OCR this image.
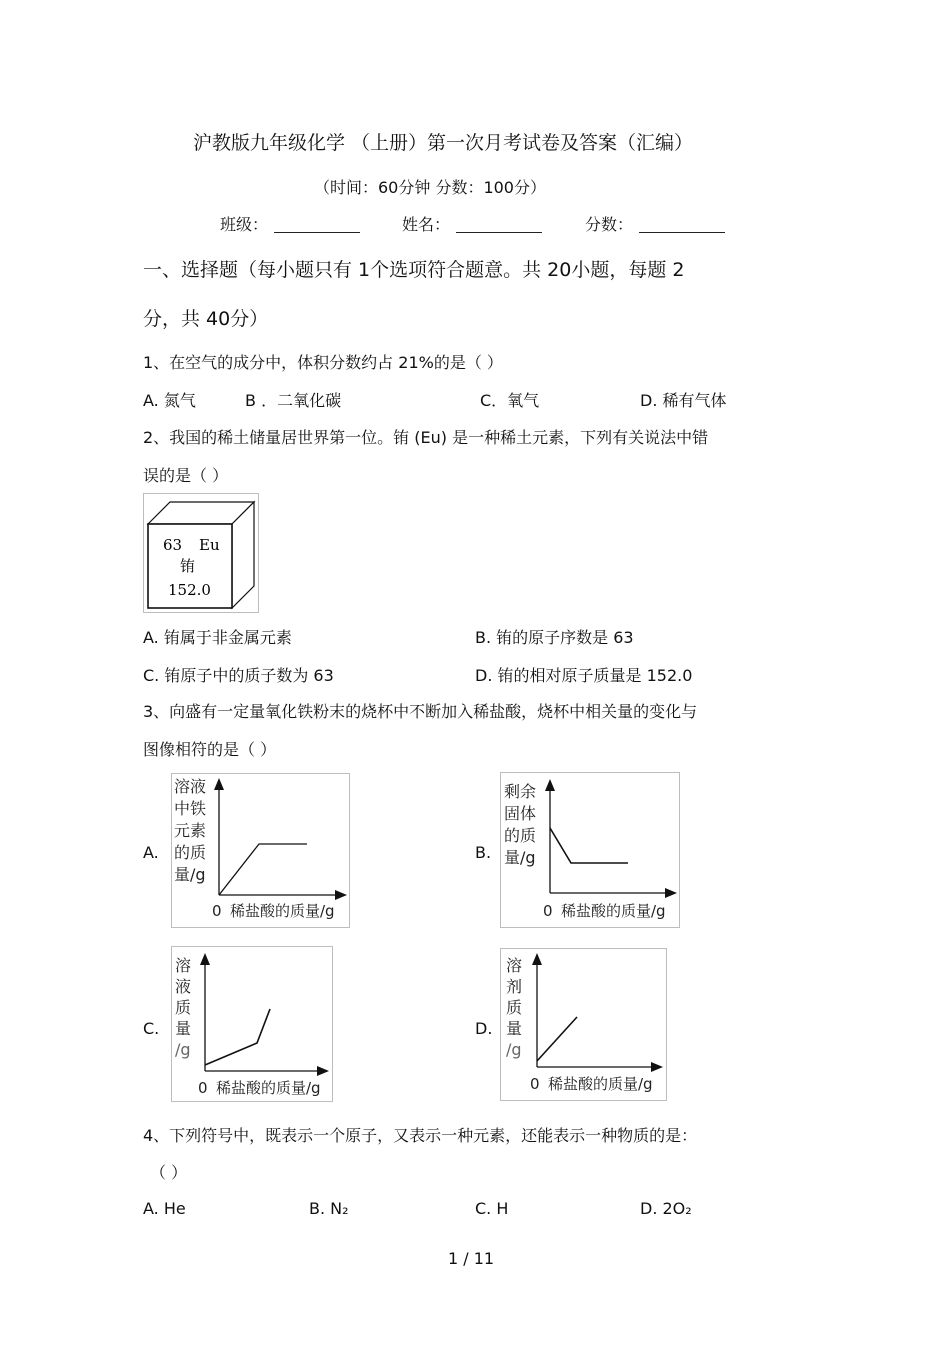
沪教版九年级化学 （上册）第一次月考试卷及答案（汇编）
（时间：60分钟 分数：100分）
班级：	姓名：	分数：
一、选择题（每小题只有 1个选项符合题意。共 20小题，每题 2
分，共 40分）
1、在空气的成分中，体积分数约占 21%的是（ ）
A. 氮气	B ．二氧化碳	C．氧气	D. 稀有气体
2、我国的稀土储量居世界第一位。铕 (Eu) 是一种稀土元素，下列有关说法中错
误的是（ ）
63 Eu
铕
152.0
A. 铕属于非金属元素	B. 铕的原子序数是 63
C. 铕原子中的质子数为 63	D. 铕的相对原子质量是 152.0
3、向盛有一定量氧化铁粉末的烧杯中不断加入稀盐酸，烧杯中相关量的变化与
图像相符的是（ ）
A.
溶液
中铁
元素
的质
量/g
0 稀盐酸的质量/g
B.
剩余
固体
的质
量/g
0 稀盐酸的质量/g
C.
溶
液
质
量
/g
0 稀盐酸的质量/g
D.
溶
剂
质
量
/g
0 稀盐酸的质量/g
4、下列符号中，既表示一个原子，又表示一种元素，还能表示一种物质的是：
（ ）
A. He	B. N₂	C. H	D. 2O₂
1 / 11
